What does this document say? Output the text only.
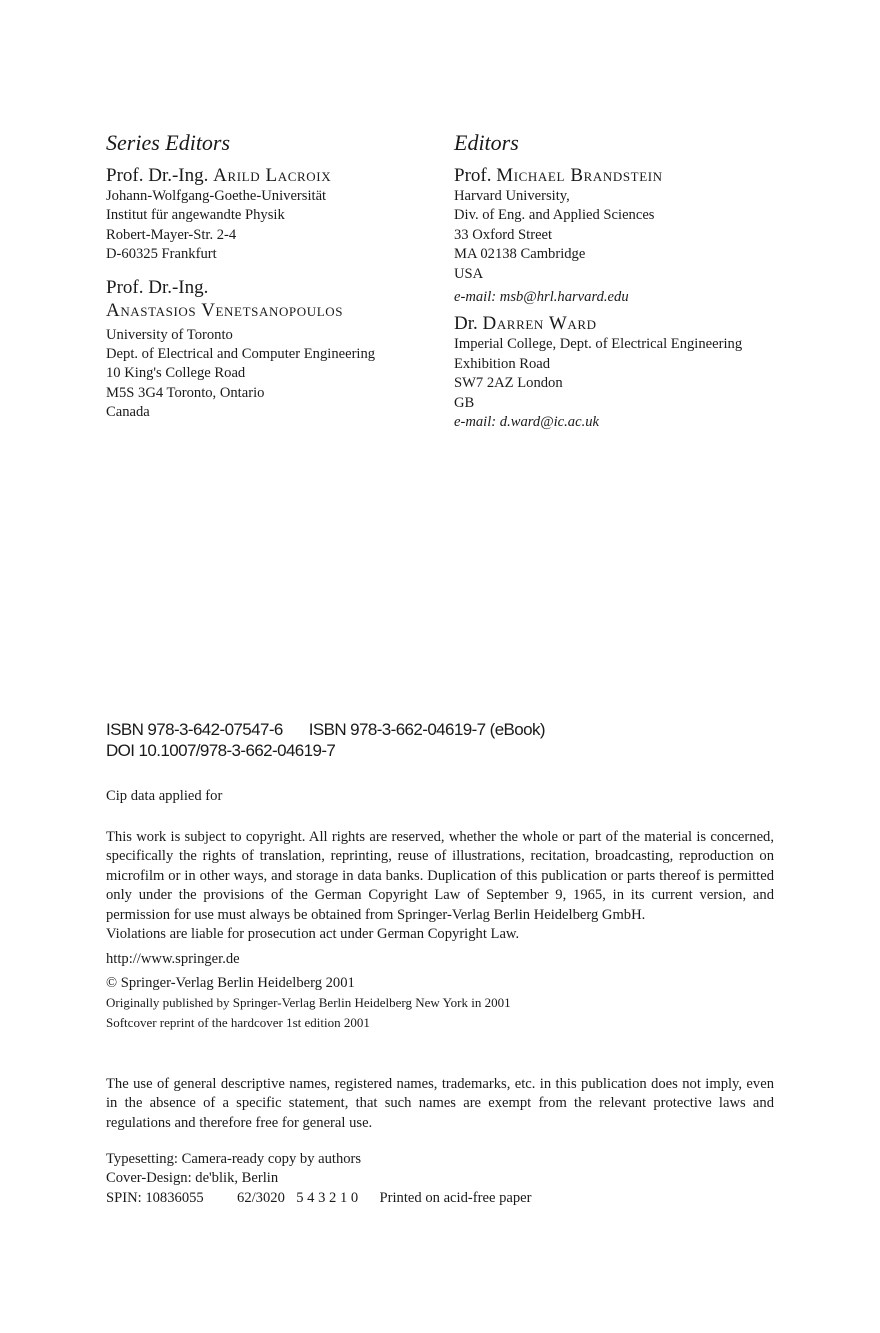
Series Editors

Prof. Dr.-Ing. Arild Lacroix

Johann-Wolfgang-Goethe-Universität
Institut für angewandte Physik
Robert-Mayer-Str. 2-4
D-60325 Frankfurt

Prof. Dr.-Ing.

Anastasios Venetsanopoulos

University of Toronto
Dept. of Electrical and Computer Engineering
10 King's College Road
M5S 3G4 Toronto, Ontario
Canada
Editors

Prof. Michael Brandstein

Harvard University,
Div. of Eng. and Applied Sciences
33 Oxford Street
MA 02138 Cambridge
USA

e-mail: msb@hrl.harvard.edu

Dr. Darren Ward

Imperial College, Dept. of Electrical Engineering
Exhibition Road
SW7 2AZ London
GB

e-mail: d.ward@ic.ac.uk

ISBN 978-3-642-07547-6 ISBN 978-3-662-04619-7 (eBook)
DOI 10.1007/978-3-662-04619-7
Cip data applied for

This work is subject to copyright. All rights are reserved, whether the whole or part of the material is concerned, specifically the rights of translation, reprinting, reuse of illustrations, recitation, broadcasting, reproduction on microfilm or in other ways, and storage in data banks. Duplication of this publication or parts thereof is permitted only under the provisions of the German Copyright Law of September 9, 1965, in its current version, and permission for use must always be obtained from Springer-Verlag Berlin Heidelberg GmbH.

Violations are liable for prosecution act under German Copyright Law.

http://www.springer.de

© Springer-Verlag Berlin Heidelberg 2001

Originally published by Springer-Verlag Berlin Heidelberg New York in 2001

Softcover reprint of the hardcover 1st edition 2001

The use of general descriptive names, registered names, trademarks, etc. in this publication does not imply, even in the absence of a specific statement, that such names are exempt from the relevant protective laws and regulations and therefore free for general use.

Typesetting: Camera-ready copy by authors

Cover-Design: de'blik, Berlin

SPIN: 10836055 62/3020 5 4 3 2 1 0 Printed on acid-free paper
